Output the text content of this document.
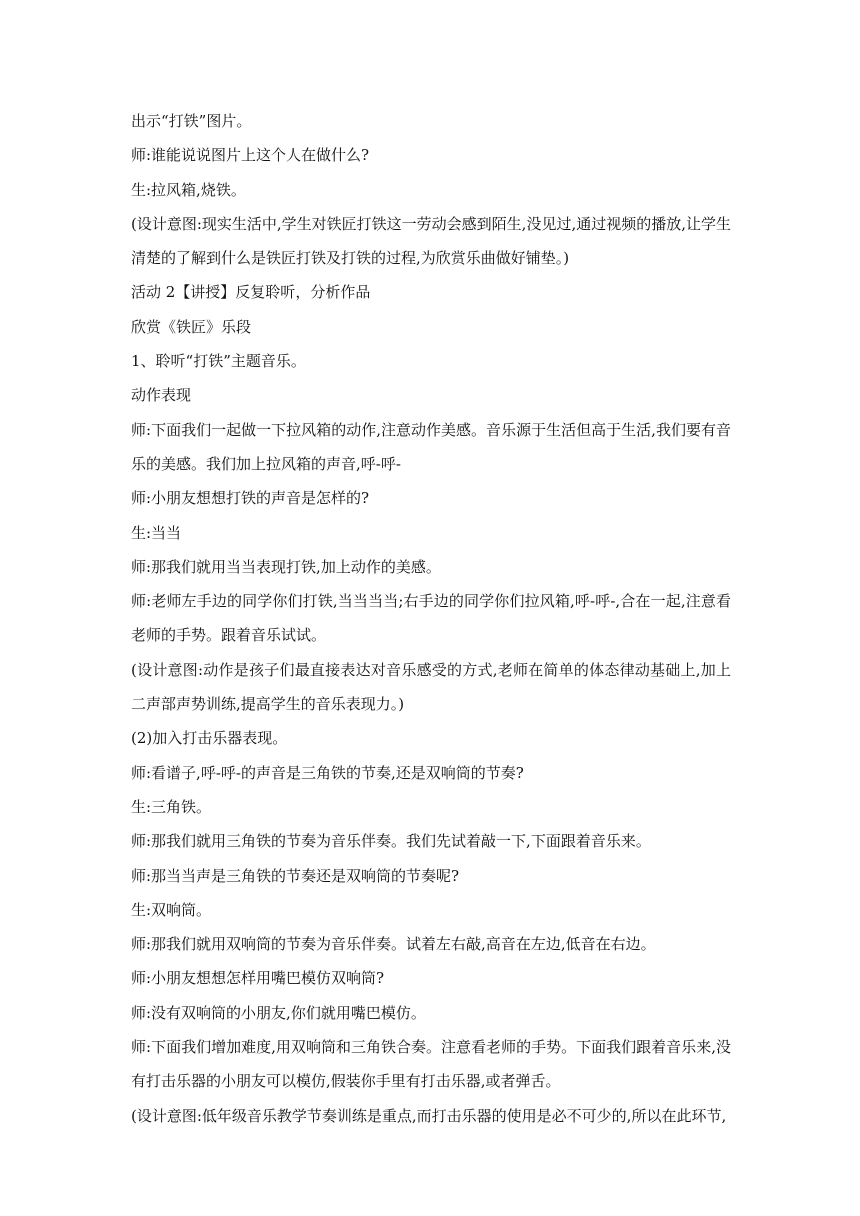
出示“打铁”图片。

师:谁能说说图片上这个人在做什么?

生:拉风箱,烧铁。

(设计意图:现实生活中,学生对铁匠打铁这一劳动会感到陌生,没见过,通过视频的播放,让学生清楚的了解到什么是铁匠打铁及打铁的过程,为欣赏乐曲做好铺垫。)

活动 2【讲授】反复聆听，分析作品

欣赏《铁匠》乐段

1、聆听“打铁”主题音乐。

动作表现

师:下面我们一起做一下拉风箱的动作,注意动作美感。音乐源于生活但高于生活,我们要有音乐的美感。我们加上拉风箱的声音,呼-呼-

师:小朋友想想打铁的声音是怎样的?

生:当当

师:那我们就用当当表现打铁,加上动作的美感。

师:老师左手边的同学你们打铁,当当当当;右手边的同学你们拉风箱,呼-呼-,合在一起,注意看老师的手势。跟着音乐试试。

(设计意图:动作是孩子们最直接表达对音乐感受的方式,老师在简单的体态律动基础上,加上二声部声势训练,提高学生的音乐表现力。)

(2)加入打击乐器表现。

师:看谱子,呼-呼-的声音是三角铁的节奏,还是双响筒的节奏?

生:三角铁。

师:那我们就用三角铁的节奏为音乐伴奏。我们先试着敲一下,下面跟着音乐来。

师:那当当声是三角铁的节奏还是双响筒的节奏呢?

生:双响筒。

师:那我们就用双响筒的节奏为音乐伴奏。试着左右敲,高音在左边,低音在右边。

师:小朋友想想怎样用嘴巴模仿双响筒?

师:没有双响筒的小朋友,你们就用嘴巴模仿。

师:下面我们增加难度,用双响筒和三角铁合奏。注意看老师的手势。下面我们跟着音乐来,没有打击乐器的小朋友可以模仿,假装你手里有打击乐器,或者弹舌。

(设计意图:低年级音乐教学节奏训练是重点,而打击乐器的使用是必不可少的,所以在此环节,
